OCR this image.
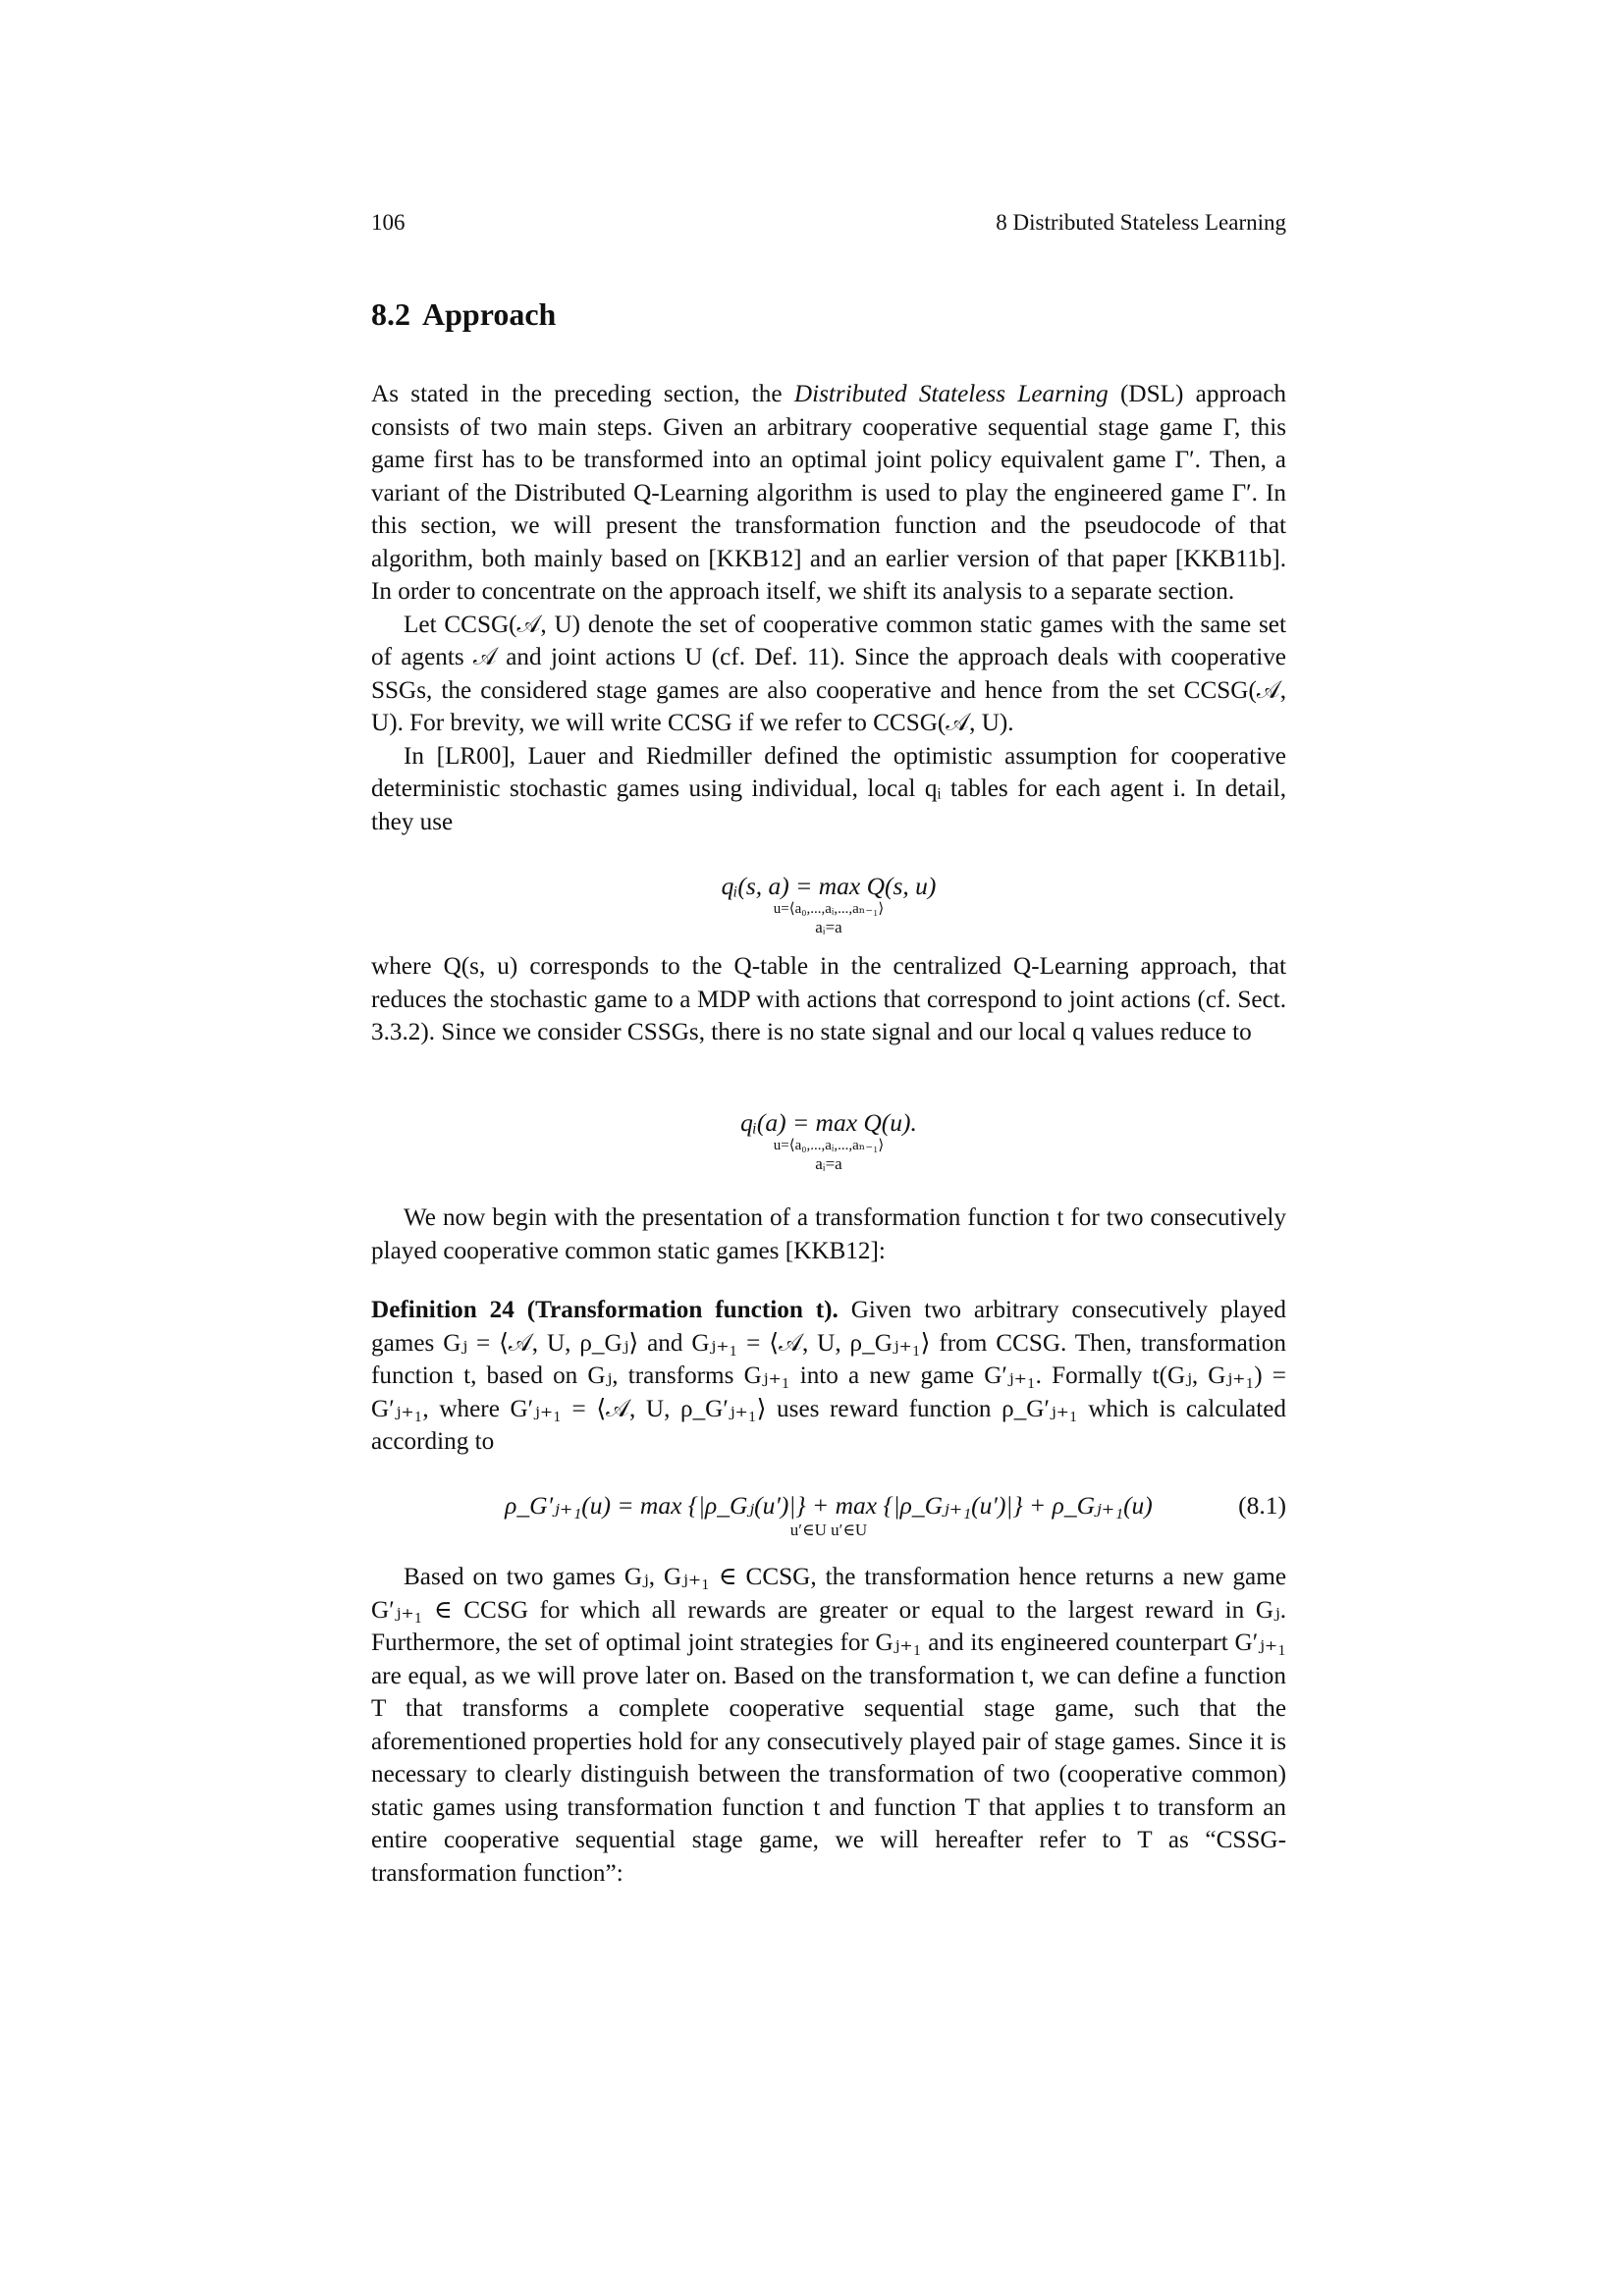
106	8 Distributed Stateless Learning
8.2 Approach

As stated in the preceding section, the Distributed Stateless Learning (DSL) approach consists of two main steps. Given an arbitrary cooperative sequential stage game Γ, this game first has to be transformed into an optimal joint policy equivalent game Γ′. Then, a variant of the Distributed Q-Learning algorithm is used to play the engineered game Γ′. In this section, we will present the transformation function and the pseudocode of that algorithm, both mainly based on [KKB12] and an earlier version of that paper [KKB11b]. In order to concentrate on the approach itself, we shift its analysis to a separate section.

Let CCSG(𝒜, U) denote the set of cooperative common static games with the same set of agents 𝒜 and joint actions U (cf. Def. 11). Since the approach deals with cooperative SSGs, the considered stage games are also cooperative and hence from the set CCSG(𝒜, U). For brevity, we will write CCSG if we refer to CCSG(𝒜, U).

In [LR00], Lauer and Riedmiller defined the optimistic assumption for cooperative deterministic stochastic games using individual, local qᵢ tables for each agent i. In detail, they use

qᵢ(s, a) = max Q(s, u)
u=⟨a₀,...,aᵢ,...,aₙ₋₁⟩
aᵢ=a

where Q(s, u) corresponds to the Q-table in the centralized Q-Learning approach, that reduces the stochastic game to a MDP with actions that correspond to joint actions (cf. Sect. 3.3.2). Since we consider CSSGs, there is no state signal and our local q values reduce to

qᵢ(a) = max Q(u).
u=⟨a₀,...,aᵢ,...,aₙ₋₁⟩
aᵢ=a

We now begin with the presentation of a transformation function t for two consecutively played cooperative common static games [KKB12]:

Definition 24 (Transformation function t). Given two arbitrary consecutively played games Gⱼ = ⟨𝒜, U, ρ_Gⱼ⟩ and Gⱼ₊₁ = ⟨𝒜, U, ρ_Gⱼ₊₁⟩ from CCSG. Then, transformation function t, based on Gⱼ, transforms Gⱼ₊₁ into a new game G′ⱼ₊₁. Formally t(Gⱼ, Gⱼ₊₁) = G′ⱼ₊₁, where G′ⱼ₊₁ = ⟨𝒜, U, ρ_G′ⱼ₊₁⟩ uses reward function ρ_G′ⱼ₊₁ which is calculated according to

ρ_G′ⱼ₊₁(u) = max {|ρ_Gⱼ(u′)|} + max {|ρ_Gⱼ₊₁(u′)|} + ρ_Gⱼ₊₁(u)
u′∈U u′∈U
(8.1)

Based on two games Gⱼ, Gⱼ₊₁ ∈ CCSG, the transformation hence returns a new game G′ⱼ₊₁ ∈ CCSG for which all rewards are greater or equal to the largest reward in Gⱼ. Furthermore, the set of optimal joint strategies for Gⱼ₊₁ and its engineered counterpart G′ⱼ₊₁ are equal, as we will prove later on. Based on the transformation t, we can define a function T that transforms a complete cooperative sequential stage game, such that the aforementioned properties hold for any consecutively played pair of stage games. Since it is necessary to clearly distinguish between the transformation of two (cooperative common) static games using transformation function t and function T that applies t to transform an entire cooperative sequential stage game, we will hereafter refer to T as “CSSG-transformation function”:
